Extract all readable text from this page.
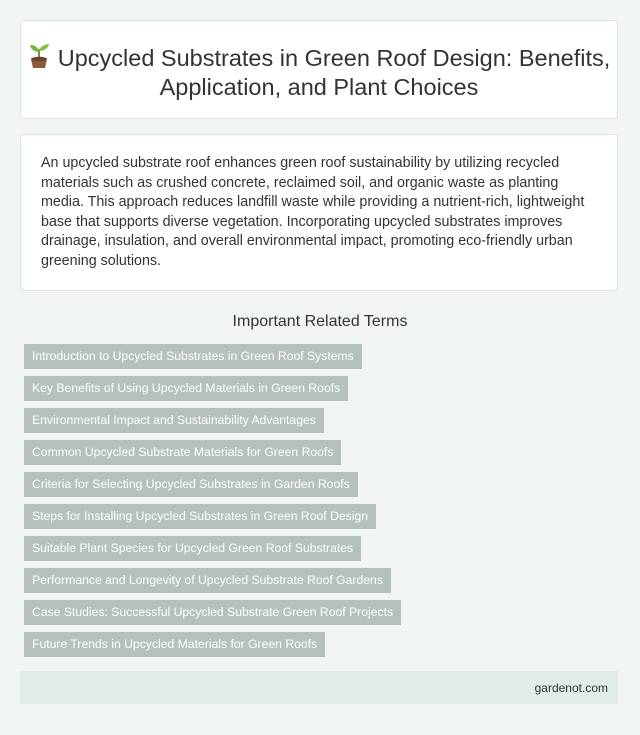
Upcycled Substrates in Green Roof Design: Benefits, Application, and Plant Choices

An upcycled substrate roof enhances green roof sustainability by utilizing recycled materials such as crushed concrete, reclaimed soil, and organic waste as planting media. This approach reduces landfill waste while providing a nutrient-rich, lightweight base that supports diverse vegetation. Incorporating upcycled substrates improves drainage, insulation, and overall environmental impact, promoting eco-friendly urban greening solutions.

Important Related Terms
Introduction to Upcycled Substrates in Green Roof Systems
Key Benefits of Using Upcycled Materials in Green Roofs
Environmental Impact and Sustainability Advantages
Common Upcycled Substrate Materials for Green Roofs
Criteria for Selecting Upcycled Substrates in Garden Roofs
Steps for Installing Upcycled Substrates in Green Roof Design
Suitable Plant Species for Upcycled Green Roof Substrates
Performance and Longevity of Upcycled Substrate Roof Gardens
Case Studies: Successful Upcycled Substrate Green Roof Projects
Future Trends in Upcycled Materials for Green Roofs
gardenot.com
